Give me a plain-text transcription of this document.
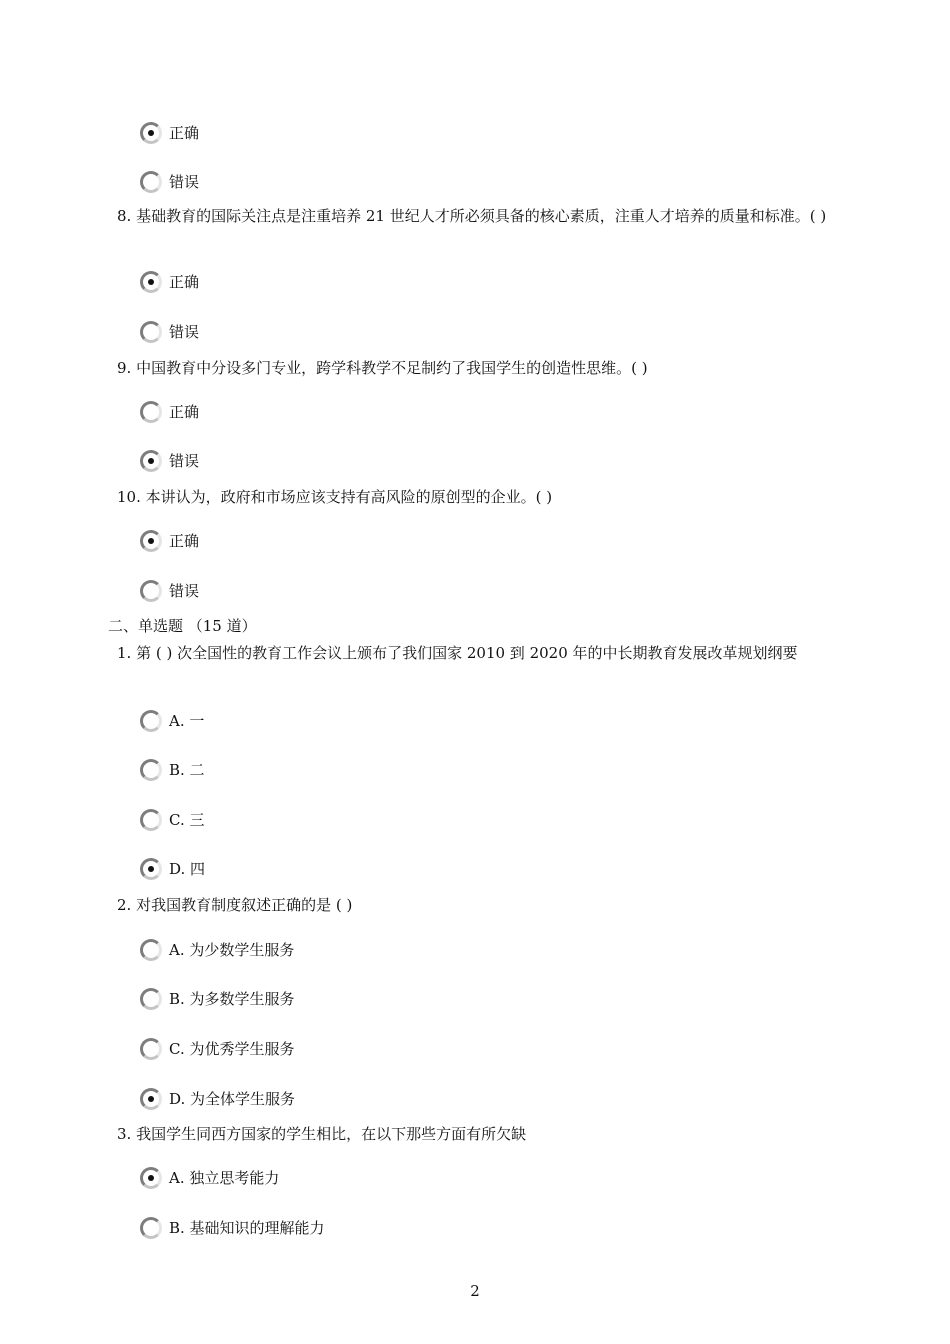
正确
错误
8. 基础教育的国际关注点是注重培养 21 世纪人才所必须具备的核心素质，注重人才培养的质量和标准。( )
正确
错误
9. 中国教育中分设多门专业，跨学科教学不足制约了我国学生的创造性思维。( )
正确
错误
10. 本讲认为，政府和市场应该支持有高风险的原创型的企业。( )
正确
错误
二、单选题 （15 道）
1. 第 ( ) 次全国性的教育工作会议上颁布了我们国家 2010 到 2020 年的中长期教育发展改革规划纲要
A. 一
B. 二
C. 三
D. 四
2. 对我国教育制度叙述正确的是 ( )
A. 为少数学生服务
B. 为多数学生服务
C. 为优秀学生服务
D. 为全体学生服务
3. 我国学生同西方国家的学生相比，在以下那些方面有所欠缺
A. 独立思考能力
B. 基础知识的理解能力
2
